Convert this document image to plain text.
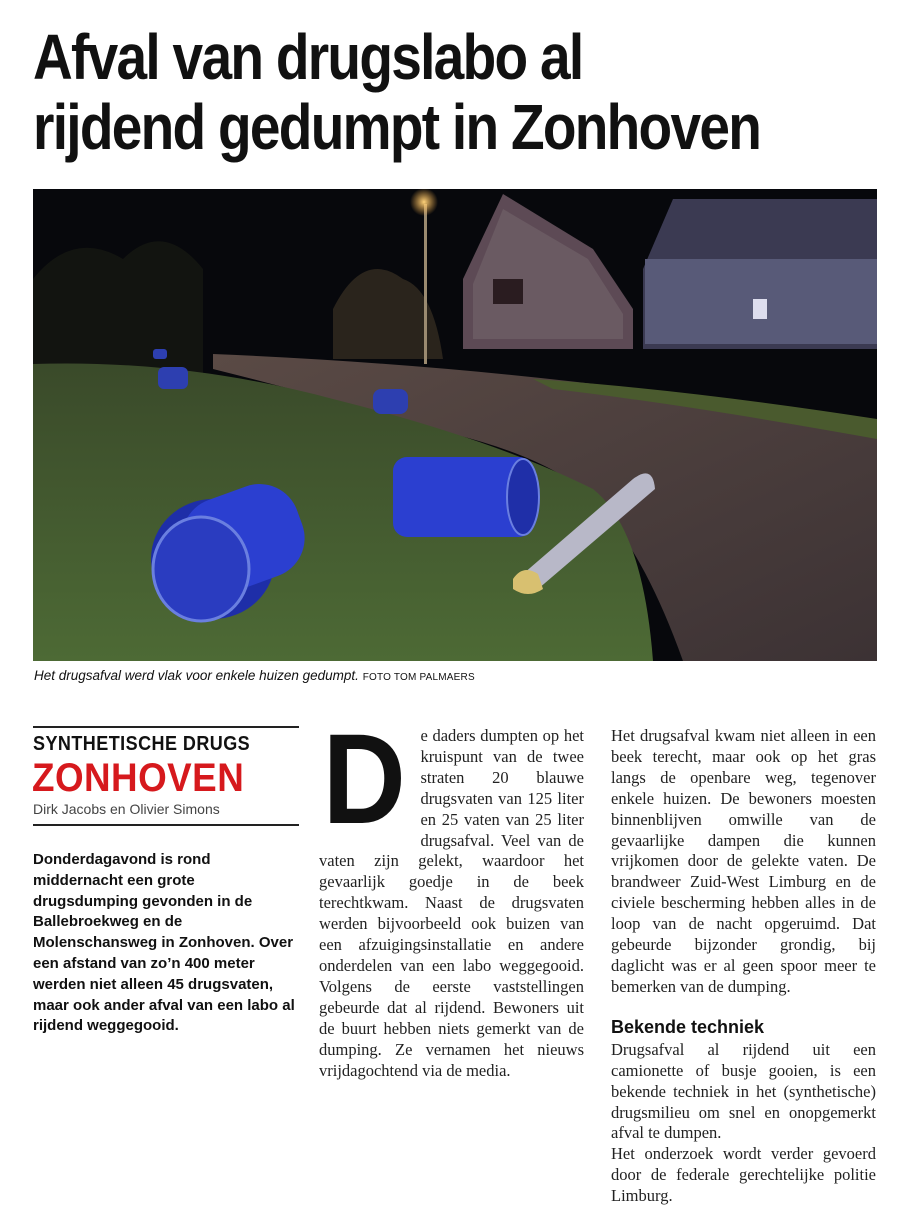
Afval van drugslabo al
rijdend gedumpt in Zonhoven
Het drugsafval werd vlak voor enkele huizen gedumpt. FOTO TOM PALMAERS
SYNTHETISCHE DRUGS
ZONHOVEN
Dirk Jacobs en Olivier Simons
Donderdagavond is rond middernacht een grote drugsdumping gevonden in de Ballebroekweg en de Molenschansweg in Zonhoven. Over een afstand van zo’n 400 meter werden niet alleen 45 drugsvaten, maar ook ander afval van een labo al rijdend weggegooid.
D e daders dumpten op het kruispunt van de twee straten 20 blauwe drugsvaten van 125 liter en 25 vaten van 25 liter drugsafval. Veel van de vaten zijn gelekt, waardoor het gevaarlijk goedje in de beek terechtkwam. Naast de drugsvaten werden bijvoorbeeld ook buizen van een afzuigingsinstallatie en andere onderdelen van een labo weggegooid. Volgens de eerste vaststellingen gebeurde dat al rijdend. Bewoners uit de buurt hebben niets gemerkt van de dumping. Ze vernamen het nieuws vrijdagochtend via de media.

Het drugsafval kwam niet alleen in een beek terecht, maar ook op het gras langs de openbare weg, tegenover enkele huizen. De bewoners moesten binnenblijven omwille van de gevaarlijke dampen die kunnen vrijkomen door de gelekte vaten. De brandweer Zuid-West Limburg en de civiele bescherming hebben alles in de loop van de nacht opgeruimd. Dat gebeurde bijzonder grondig, bij daglicht was er al geen spoor meer te bemerken van de dumping.

Bekende techniek

Drugsafval al rijdend uit een camionette of busje gooien, is een bekende techniek in het (synthetische) drugsmilieu om snel en onopgemerkt afval te dumpen.

Het onderzoek wordt verder gevoerd door de federale gerechtelijke politie Limburg.
